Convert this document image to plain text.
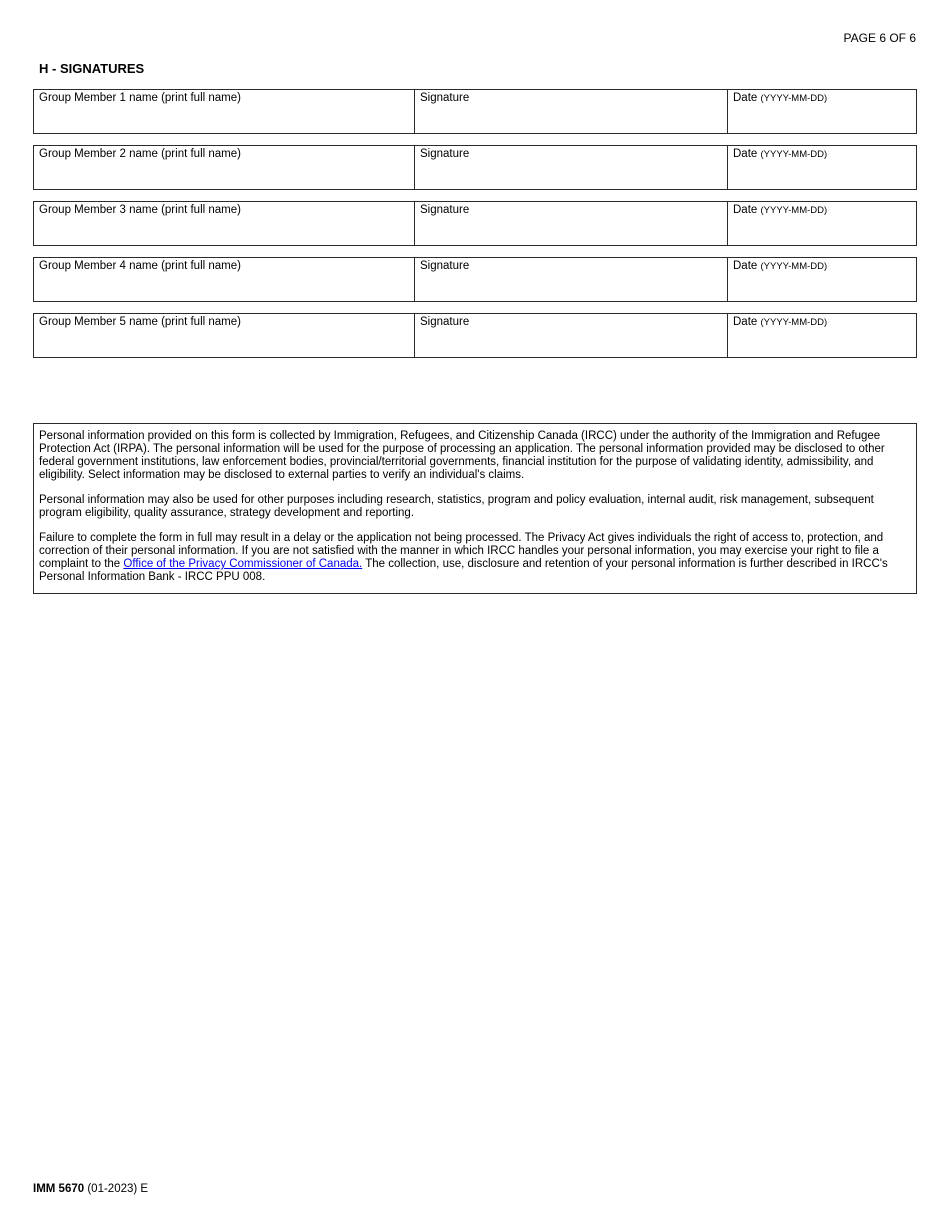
PAGE 6 OF 6
H - SIGNATURES
Group Member 1 name (print full name)	Signature	Date (YYYY-MM-DD)
Group Member 2 name (print full name)	Signature	Date (YYYY-MM-DD)
Group Member 3 name (print full name)	Signature	Date (YYYY-MM-DD)
Group Member 4 name (print full name)	Signature	Date (YYYY-MM-DD)
Group Member 5 name (print full name)	Signature	Date (YYYY-MM-DD)

Personal information provided on this form is collected by Immigration, Refugees, and Citizenship Canada (IRCC) under the authority of the Immigration and Refugee Protection Act (IRPA). The personal information will be used for the purpose of processing an application. The personal information provided may be disclosed to other federal government institutions, law enforcement bodies, provincial/territorial governments, financial institution for the purpose of validating identity, admissibility, and eligibility. Select information may be disclosed to external parties to verify an individual's claims.

Personal information may also be used for other purposes including research, statistics, program and policy evaluation, internal audit, risk management, subsequent program eligibility, quality assurance, strategy development and reporting.

Failure to complete the form in full may result in a delay or the application not being processed. The Privacy Act gives individuals the right of access to, protection, and correction of their personal information. If you are not satisfied with the manner in which IRCC handles your personal information, you may exercise your right to file a complaint to the Office of the Privacy Commissioner of Canada. The collection, use, disclosure and retention of your personal information is further described in IRCC's Personal Information Bank - IRCC PPU 008.

IMM 5670 (01-2023) E
